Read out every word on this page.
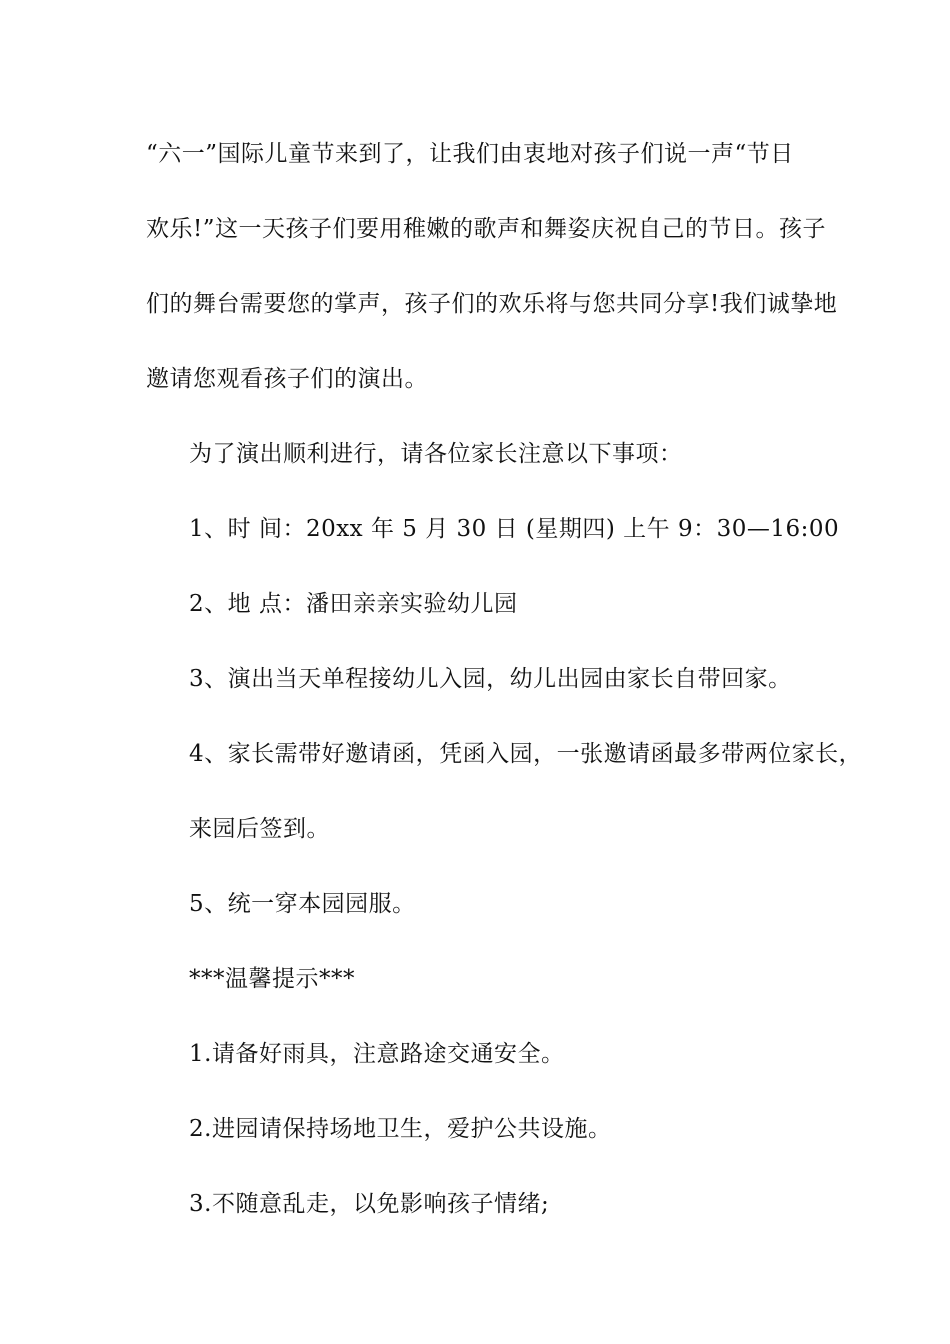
“六一”国际儿童节来到了，让我们由衷地对孩子们说一声“节日
欢乐!”这一天孩子们要用稚嫩的歌声和舞姿庆祝自己的节日。孩子
们的舞台需要您的掌声，孩子们的欢乐将与您共同分享!我们诚挚地
邀请您观看孩子们的演出。
为了演出顺利进行，请各位家长注意以下事项：
1、时 间：20xx 年 5 月 30 日 (星期四) 上午 9：30—16:00
2、地 点：潘田亲亲实验幼儿园
3、演出当天单程接幼儿入园，幼儿出园由家长自带回家。
4、家长需带好邀请函，凭函入园，一张邀请函最多带两位家长，
来园后签到。
5、统一穿本园园服。
***温馨提示***
1.请备好雨具，注意路途交通安全。
2.进园请保持场地卫生，爱护公共设施。
3.不随意乱走，以免影响孩子情绪;
